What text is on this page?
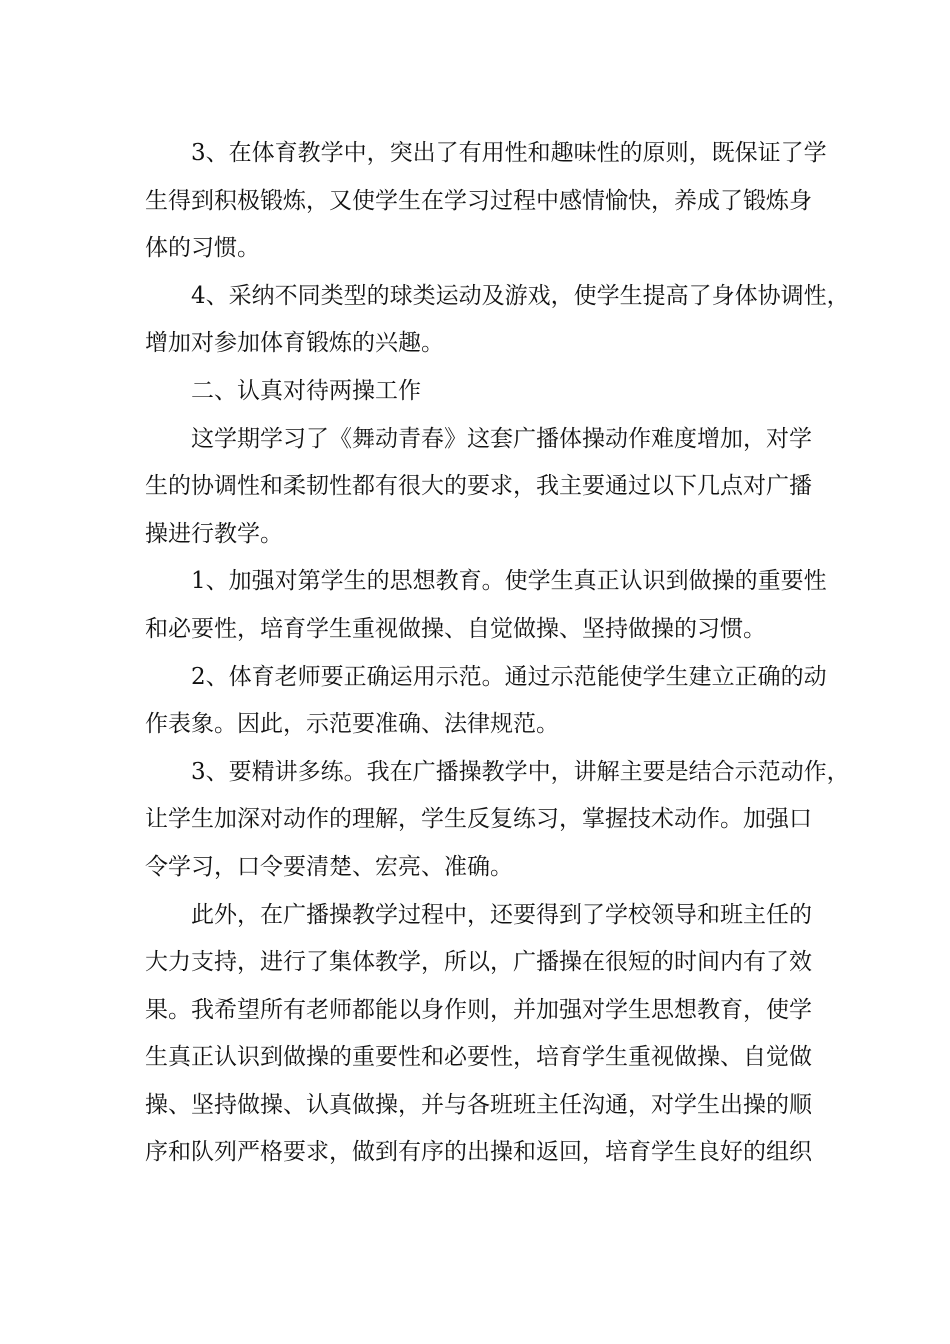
3、在体育教学中，突出了有用性和趣味性的原则，既保证了学
生得到积极锻炼，又使学生在学习过程中感情愉快，养成了锻炼身
体的习惯。
4、采纳不同类型的球类运动及游戏，使学生提高了身体协调性，
增加对参加体育锻炼的兴趣。
二、认真对待两操工作
这学期学习了《舞动青春》这套广播体操动作难度增加，对学
生的协调性和柔韧性都有很大的要求，我主要通过以下几点对广播
操进行教学。
1、加强对第学生的思想教育。使学生真正认识到做操的重要性
和必要性，培育学生重视做操、自觉做操、坚持做操的习惯。
2、体育老师要正确运用示范。通过示范能使学生建立正确的动
作表象。因此，示范要准确、法律规范。
3、要精讲多练。我在广播操教学中，讲解主要是结合示范动作，
让学生加深对动作的理解，学生反复练习，掌握技术动作。加强口
令学习，口令要清楚、宏亮、准确。
此外，在广播操教学过程中，还要得到了学校领导和班主任的
大力支持，进行了集体教学，所以，广播操在很短的时间内有了效
果。我希望所有老师都能以身作则，并加强对学生思想教育，使学
生真正认识到做操的重要性和必要性，培育学生重视做操、自觉做
操、坚持做操、认真做操，并与各班班主任沟通，对学生出操的顺
序和队列严格要求，做到有序的出操和返回，培育学生良好的组织
